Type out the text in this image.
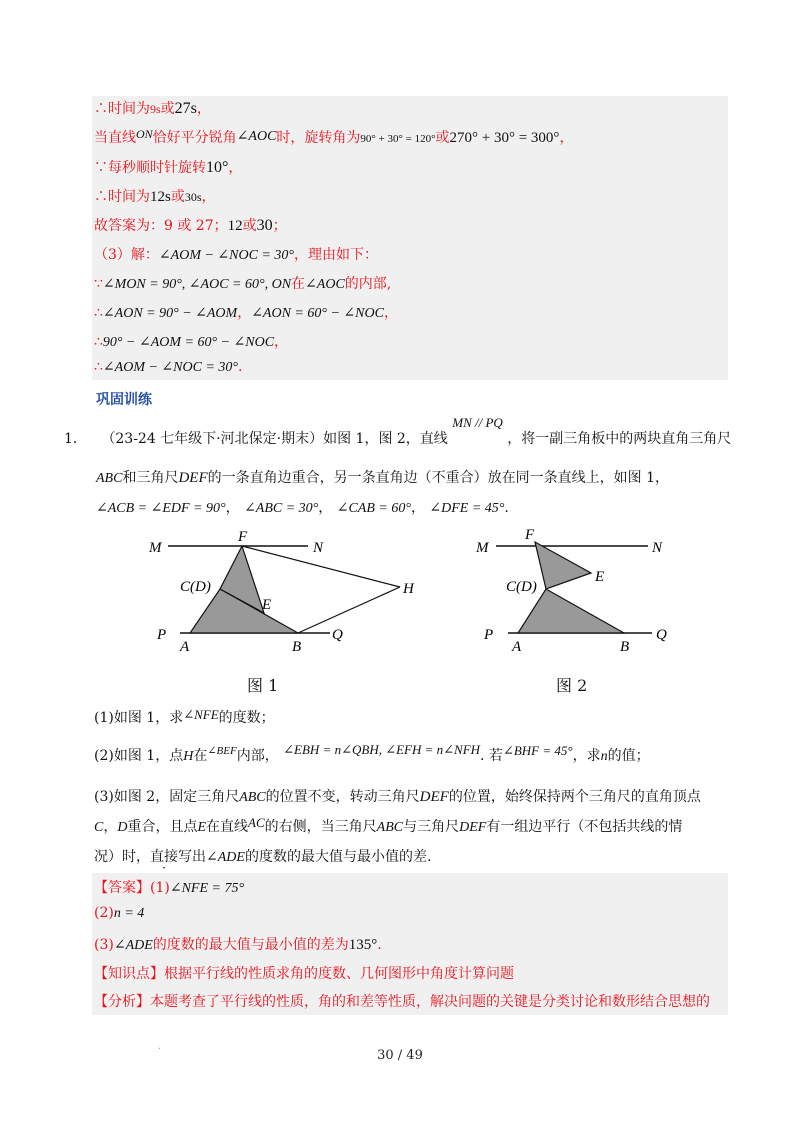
∴时间为9s或27s，
当直线ON恰好平分锐角∠AOC时，旋转角为90° + 30° = 120°或270° + 30° = 300°，
∵每秒顺时针旋转10°，
∴时间为12s或30s，
故答案为：9 或 27；12或30；
（3）解：∠AOM − ∠NOC = 30°，理由如下：
∵∠MON = 90°, ∠AOC = 60°, ON在∠AOC的内部,
∴∠AON = 90° − ∠AOM，∠AON = 60° − ∠NOC，
∴90° − ∠AOM = 60° − ∠NOC，
∴∠AOM − ∠NOC = 30°.
巩固训练
1． （23-24 七年级下·河北保定·期末）如图 1，图 2，直线 MN // PQ ，将一副三角板中的两块直角三角尺
ABC和三角尺DEF的一条直角边重合，另一条直角边（不重合）放在同一条直线上，如图 1，
∠ACB = ∠EDF = 90°， ∠ABC = 30°， ∠CAB = 60°， ∠DFE = 45°.
M
F
N
C(D)
E
H
P
A	B
Q
图 1
M
F
N
C(D)
E
P
A	B
Q
图 2
(1)如图 1，求∠NFE的度数；
(2)如图 1，点H在$^{\angle BEF}$内部， ∠EBH = n∠QBH, ∠EFH = n∠NFH. 若∠BHF = 45°，求n的值；
(3)如图 2，固定三角尺ABC的位置不变，转动三角尺DEF的位置，始终保持两个三角尺的直角顶点
C，D重合，且点E在直线AC的右侧，当三角尺ABC与三角尺DEF有一组边平行（不包括共线的情
况）时，直接写出∠ADE的度数的最大值与最小值的差.
【答案】(1)∠NFE = 75°
(2)n = 4
(3)∠ADE的度数的最大值与最小值的差为135°.
【知识点】根据平行线的性质求角的度数、几何图形中角度计算问题
【分析】本题考查了平行线的性质，角的和差等性质，解决问题的关键是分类讨论和数形结合思想的
.
30 / 49
